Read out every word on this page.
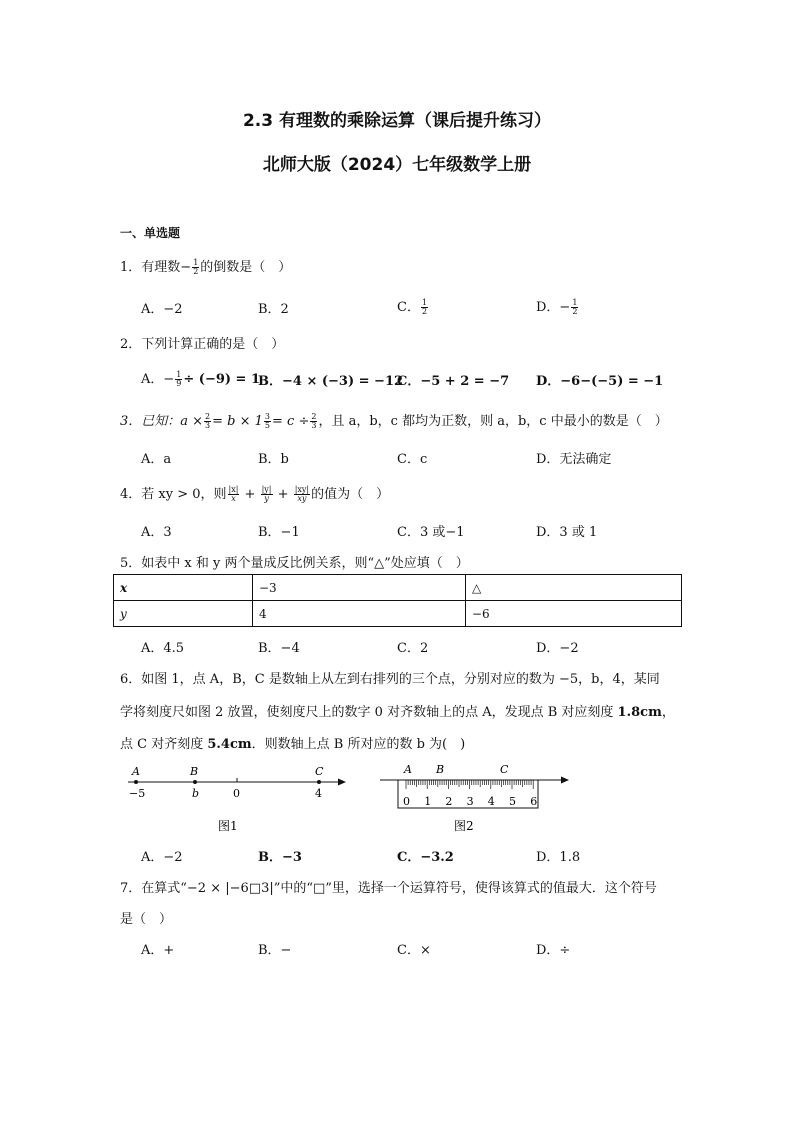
2.3 有理数的乘除运算（课后提升练习）
北师大版（2024）七年级数学上册
一、单选题
1．有理数− $\frac{1}{2}$ 的倒数是（　）
A．−2	B．2	C． $\frac{1}{2}$	D．− $\frac{1}{2}$
2．下列计算正确的是（　）
A．− $\frac{1}{9} \div (-9) = 1$
B．−4 × (−3) = −12
C．−5 + 2 = −7 D．−6−(−5) = −1
3．已知：$a \times \frac{2}{3} = b \times 1 \frac{3}{5} = c \div \frac{2}{3}$ ，且 a，b，c 都均为正数，则 a，b，c 中最小的数是（　）
A．a	B．b	C．c	D．无法确定
4．若 xy > 0，则 $\frac{|x|}{x} + \frac{|y|}{y} + \frac{|xy|}{xy}$的值为（　）
A．3	B．−1	C．3 或−1	D．3 或 1
5．如表中 x 和 y 两个量成反比例关系，则“△”处应填（　）
x	−3	△
y	4	−6
A．4.5	B．−4	C．2	D．−2
6．如图 1，点 A，B，C 是数轴上从左到右排列的三个点，分别对应的数为 −5，b，4，某同
学将刻度尺如图 2 放置，使刻度尺上的数字 0 对齐数轴上的点 A，发现点 B 对应刻度 1.8cm，
点 C 对齐刻度 5.4cm．则数轴上点 B 所对应的数 b 为(　)
A	B	C
−5	b	0	4
图1
A B	C
0 1 2 3 4 5 6
图2
A．−2	B．−3	C．−3.2	D．1.8
7．在算式“−2 × |−6□3|”中的“□”里，选择一个运算符号，使得该算式的值最大．这个符号
是（　）
A．+	B．−	C．×	D．÷
